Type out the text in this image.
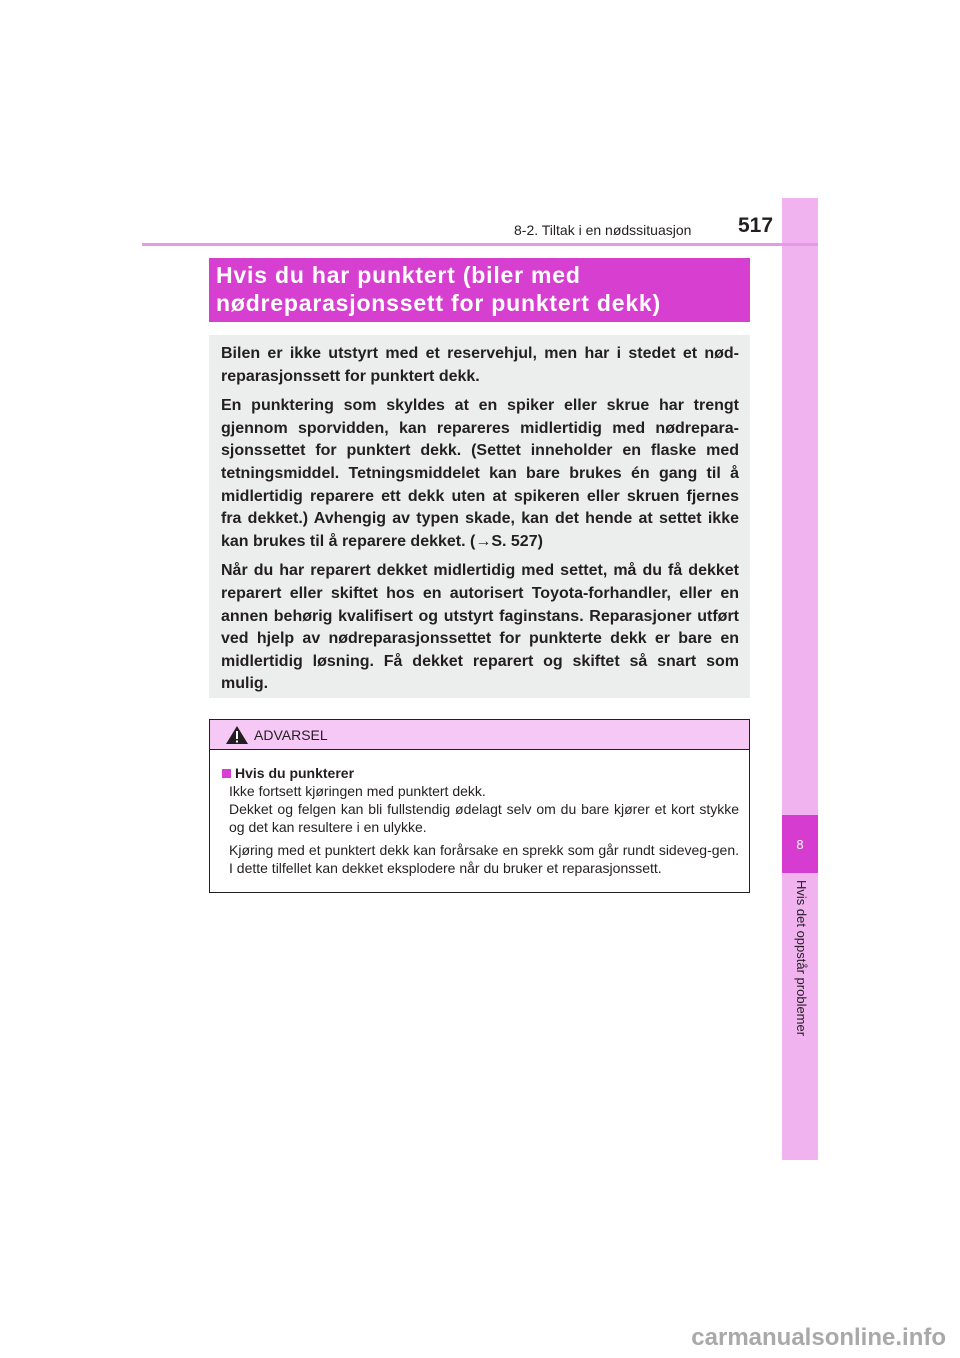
8
Hvis det oppstår problemer
8-2. Tiltak i en nødssituasjon 517
Hvis du har punktert (biler med
nødreparasjonssett for punktert dekk)

Bilen er ikke utstyrt med et reservehjul, men har i stedet et nød-reparasjonssett for punktert dekk.

En punktering som skyldes at en spiker eller skrue har trengt gjennom sporvidden, kan repareres midlertidig med nødrepara-sjonssettet for punktert dekk. (Settet inneholder en flaske med tetningsmiddel. Tetningsmiddelet kan bare brukes én gang til å midlertidig reparere ett dekk uten at spikeren eller skruen fjernes fra dekket.) Avhengig av typen skade, kan det hende at settet ikke kan brukes til å reparere dekket. (→S. 527)

Når du har reparert dekket midlertidig med settet, må du få dekket reparert eller skiftet hos en autorisert Toyota-forhandler, eller en annen behørig kvalifisert og utstyrt faginstans. Reparasjoner utført ved hjelp av nødreparasjonssettet for punkterte dekk er bare en midlertidig løsning. Få dekket reparert og skiftet så snart som mulig.

ADVARSEL
Hvis du punkterer

Ikke fortsett kjøringen med punktert dekk.

Dekket og felgen kan bli fullstendig ødelagt selv om du bare kjører et kort stykke og det kan resultere i en ulykke.

Kjøring med et punktert dekk kan forårsake en sprekk som går rundt sideveg-gen. I dette tilfellet kan dekket eksplodere når du bruker et reparasjonssett.

carmanualsonline.info
